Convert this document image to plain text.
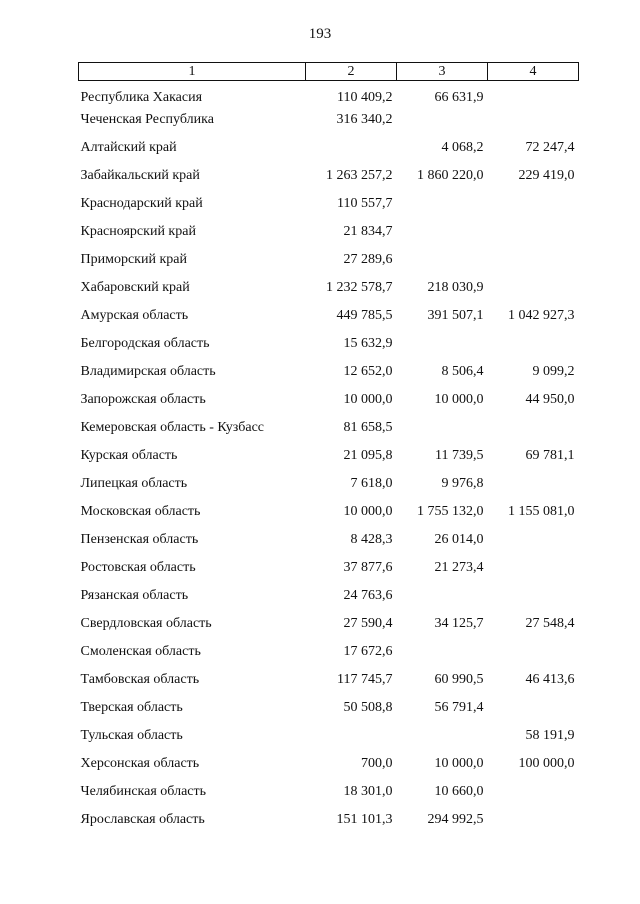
193
1	2	3	4
Республика Хакасия	110 409,2	66 631,9	
Чеченская Республика	316 340,2		
Алтайский край		4 068,2	72 247,4
Забайкальский край	1 263 257,2	1 860 220,0	229 419,0
Краснодарский край	110 557,7		
Красноярский край	21 834,7		
Приморский край	27 289,6		
Хабаровский край	1 232 578,7	218 030,9	
Амурская область	449 785,5	391 507,1	1 042 927,3
Белгородская область	15 632,9		
Владимирская область	12 652,0	8 506,4	9 099,2
Запорожская область	10 000,0	10 000,0	44 950,0
Кемеровская область - Кузбасс	81 658,5		
Курская область	21 095,8	11 739,5	69 781,1
Липецкая область	7 618,0	9 976,8	
Московская область	10 000,0	1 755 132,0	1 155 081,0
Пензенская область	8 428,3	26 014,0	
Ростовская область	37 877,6	21 273,4	
Рязанская область	24 763,6		
Свердловская область	27 590,4	34 125,7	27 548,4
Смоленская область	17 672,6		
Тамбовская область	117 745,7	60 990,5	46 413,6
Тверская область	50 508,8	56 791,4	
Тульская область			58 191,9
Херсонская область	700,0	10 000,0	100 000,0
Челябинская область	18 301,0	10 660,0	
Ярославская область	151 101,3	294 992,5	
